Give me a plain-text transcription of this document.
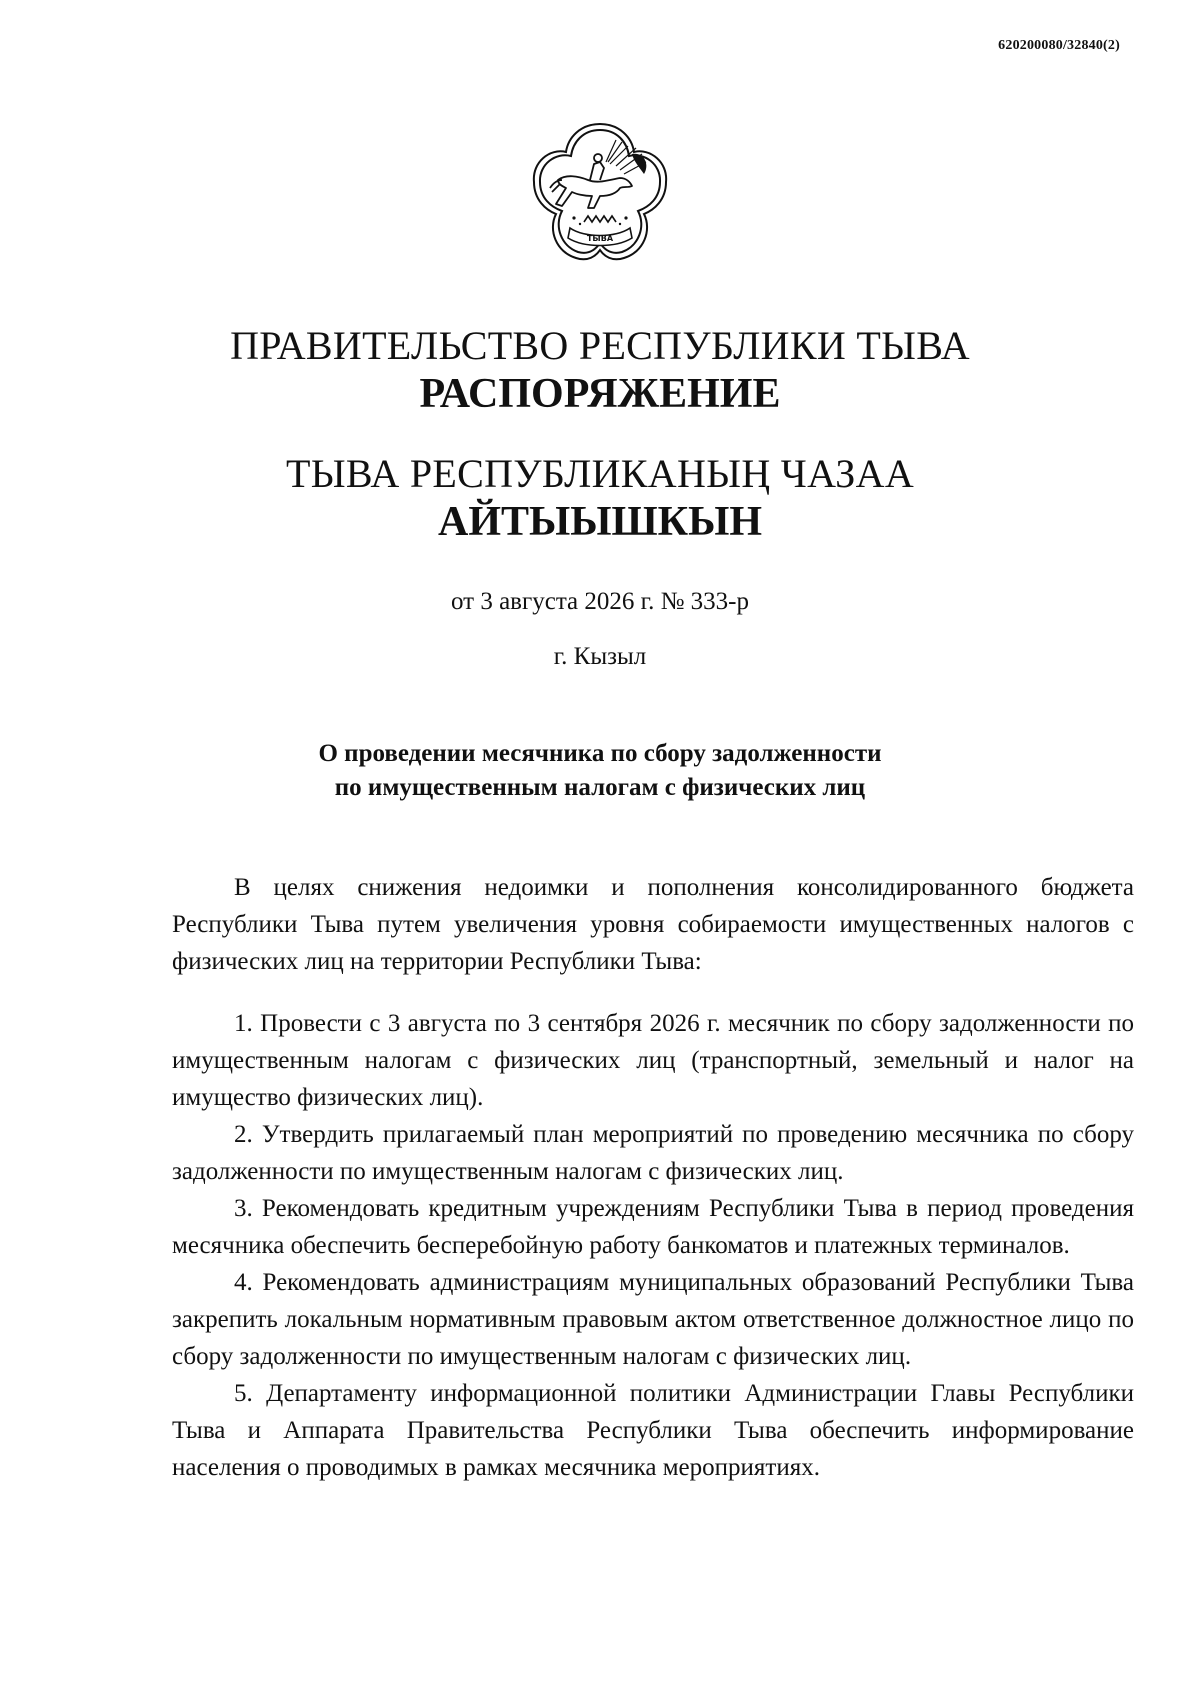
620200080/32840(2)
ТЫВА
ПРАВИТЕЛЬСТВО РЕСПУБЛИКИ ТЫВА
РАСПОРЯЖЕНИЕ
ТЫВА РЕСПУБЛИКАНЫҢ ЧАЗАА
АЙТЫЫШКЫН
от 3 августа 2026 г. № 333-р
г. Кызыл
О проведении месячника по сбору задолженности
по имущественным налогам с физических лиц

В целях снижения недоимки и пополнения консолидированного бюджета Республики Тыва путем увеличения уровня собираемости имущественных налогов с физических лиц на территории Республики Тыва:

1. Провести с 3 августа по 3 сентября 2026 г. месячник по сбору задолженности по имущественным налогам с физических лиц (транспортный, земельный и налог на имущество физических лиц).

2. Утвердить прилагаемый план мероприятий по проведению месячника по сбору задолженности по имущественным налогам с физических лиц.

3. Рекомендовать кредитным учреждениям Республики Тыва в период проведения месячника обеспечить бесперебойную работу банкоматов и платежных терминалов.

4. Рекомендовать администрациям муниципальных образований Республики Тыва закрепить локальным нормативным правовым актом ответственное должностное лицо по сбору задолженности по имущественным налогам с физических лиц.

5. Департаменту информационной политики Администрации Главы Республики Тыва и Аппарата Правительства Республики Тыва обеспечить информирование населения о проводимых в рамках месячника мероприятиях.
